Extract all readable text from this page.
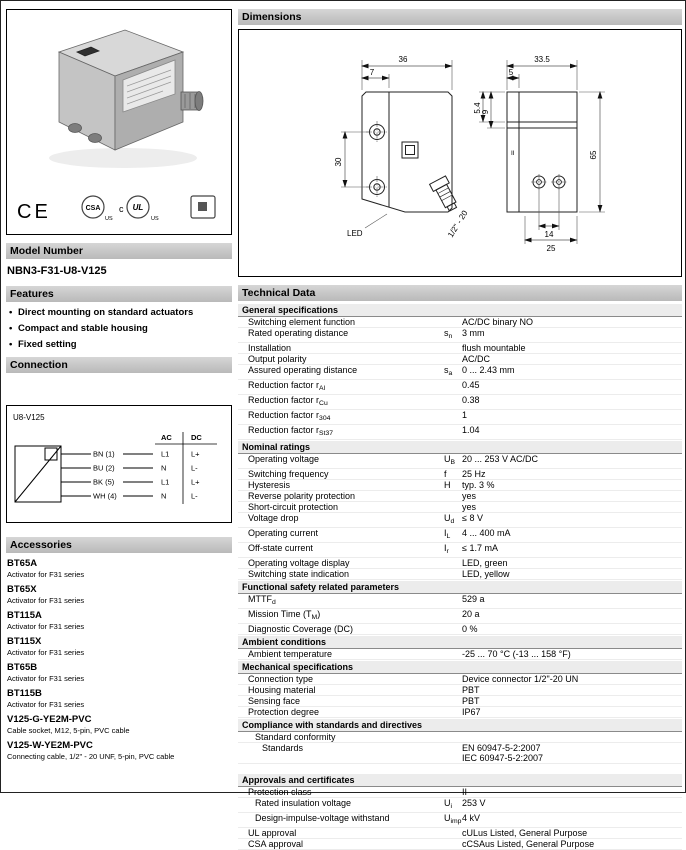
CE	CSA
US
c UL
US
Model Number
NBN3-F31-U8-V125
Features
• Direct mounting on standard actuators
• Compact and stable housing
• Fixed setting
Connection
U8-V125
BN (1)
BU (2)
BK (5)
WH (4)
AC	DC
L1	L+
N	L-
L1	L+
N	L-
Accessories
BT65A
Activator for F31 series
BT65X
Activator for F31 series
BT115A
Activator for F31 series
BT115X
Activator for F31 series
BT65B
Activator for F31 series
BT115B
Activator for F31 series
V125-G-YE2M-PVC
Cable socket, M12, 5-pin, PVC cable
V125-W-YE2M-PVC
Connecting cable, 1/2" - 20 UNF, 5-pin, PVC cable
Dimensions
36
7
30
LED	1/2" - 20
33.5
5
65
9
5.4
14
25
II
Technical Data
General specifications
Switching element function	AC/DC binary NO
Rated operating distance	$s_n$	3 mm
Installation	flush mountable
Output polarity	AC/DC
Assured operating distance	$s_a$	0 ... 2.43 mm
Reduction factor $r_{Al}$	0.45
Reduction factor $r_{Cu}$	0.38
Reduction factor $r_{304}$	1
Reduction factor $r_{St37}$	1.04
Nominal ratings
Operating voltage	$U_B$ 20 ... 253 V AC/DC
Switching frequency	f	25 Hz
Hysteresis	H	typ. 3 %
Reverse polarity protection	yes
Short-circuit protection	yes
Voltage drop	$U_d \le 8$ V
Operating current	$I_L$	4 ... 400 mA
Off-state current	$I_r$	≤ 1.7 mA
Operating voltage display	LED, green
Switching state indication	LED, yellow
Functional safety related parameters
$MTTF_d$	529 a
Mission Time $(T_M)$	20 a
Diagnostic Coverage (DC)	0 %
Ambient conditions
Ambient temperature	-25 ... 70 °C (-13 ... 158 °F)
Mechanical specifications
Connection type	Device connector 1/2"-20 UN
Housing material	PBT
Sensing face	PBT
Protection degree	IP67
Compliance with standards and directives
Standard conformity
Standards	EN 60947-5-2:2007
IEC 60947-5-2:2007
Approvals and certificates
Protection class	II
Rated insulation voltage	$U_i$	253 V
Design-impulse-voltage withstand	$U_{imp}$ 4 kV
UL approval	cULus Listed, General Purpose
CSA approval	cCSAus Listed, General Purpose
